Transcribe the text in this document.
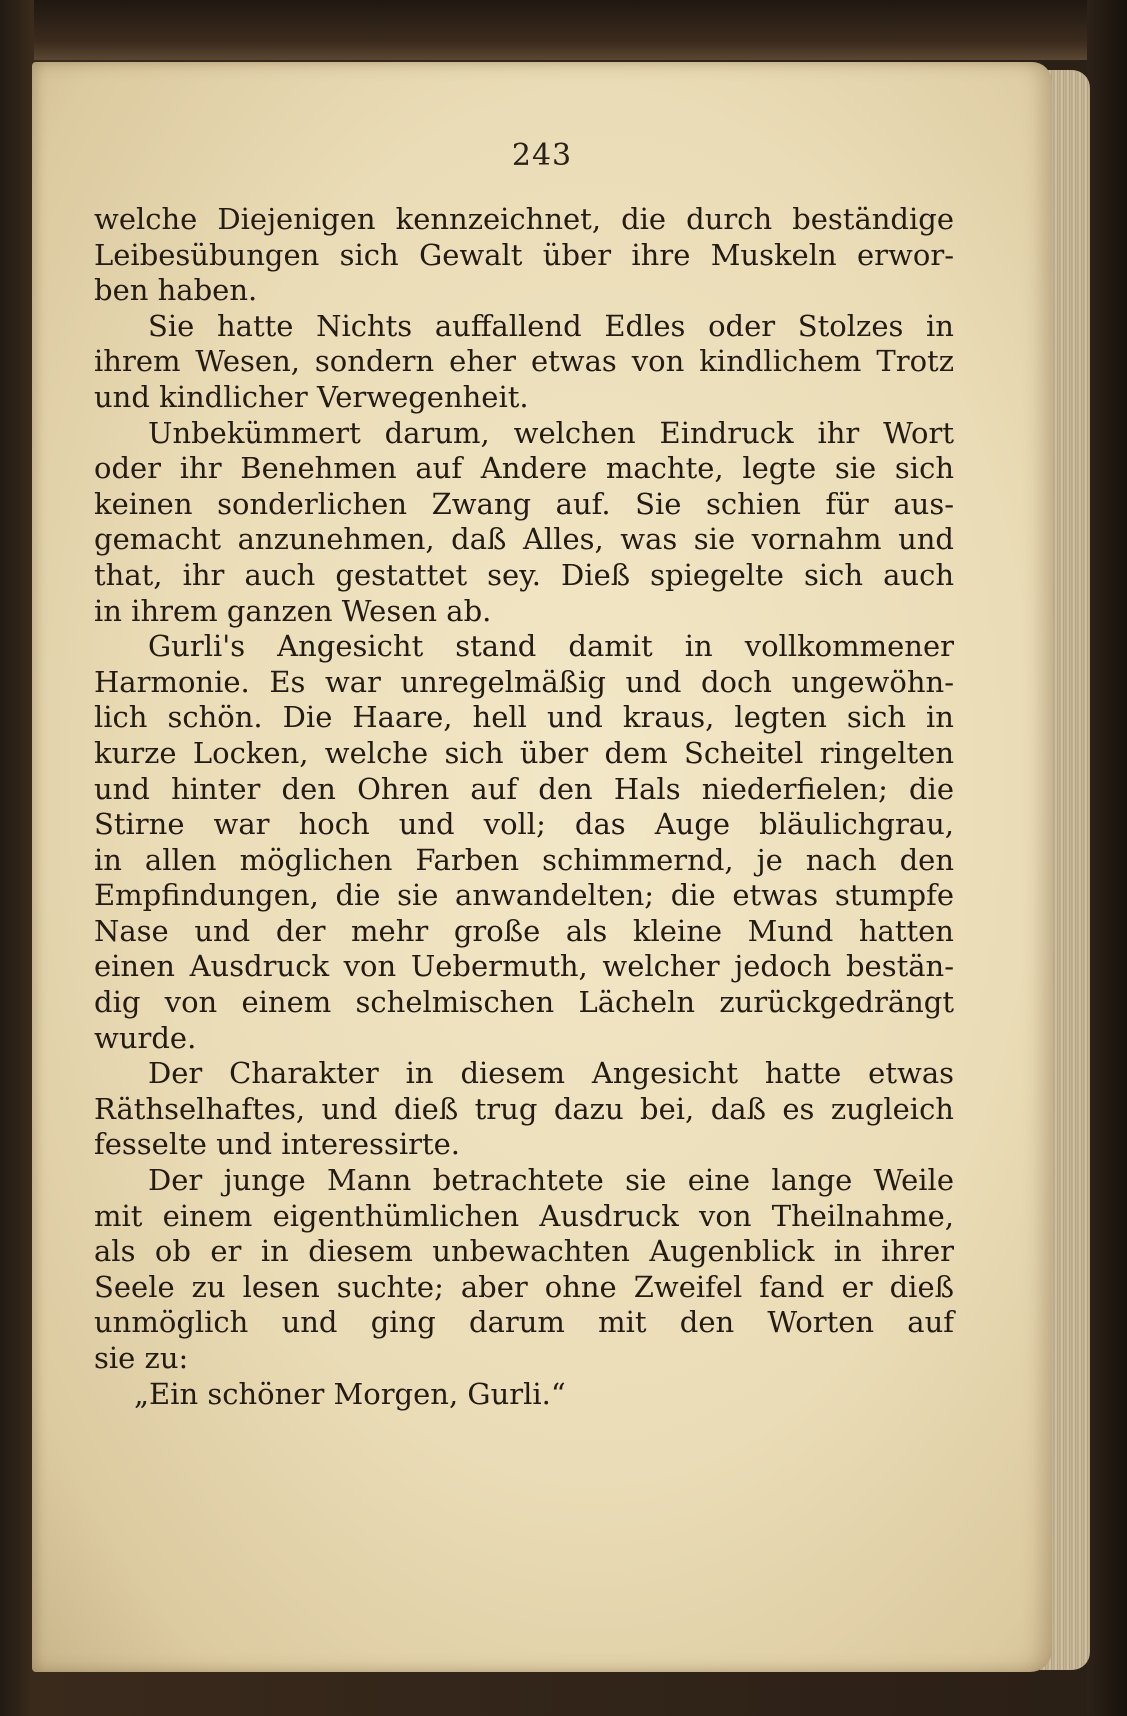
243
welche Diejenigen kennzeichnet, die durch beständige
Leibesübungen sich Gewalt über ihre Muskeln erwor-
ben haben.
Sie hatte Nichts auffallend Edles oder Stolzes in
ihrem Wesen, sondern eher etwas von kindlichem Trotz
und kindlicher Verwegenheit.
Unbekümmert darum, welchen Eindruck ihr Wort
oder ihr Benehmen auf Andere machte, legte sie sich
keinen sonderlichen Zwang auf. Sie schien für aus-
gemacht anzunehmen, daß Alles, was sie vornahm und
that, ihr auch gestattet sey. Dieß spiegelte sich auch
in ihrem ganzen Wesen ab.
Gurli's Angesicht stand damit in vollkommener
Harmonie. Es war unregelmäßig und doch ungewöhn-
lich schön. Die Haare, hell und kraus, legten sich in
kurze Locken, welche sich über dem Scheitel ringelten
und hinter den Ohren auf den Hals niederfielen; die
Stirne war hoch und voll; das Auge bläulichgrau,
in allen möglichen Farben schimmernd, je nach den
Empfindungen, die sie anwandelten; die etwas stumpfe
Nase und der mehr große als kleine Mund hatten
einen Ausdruck von Uebermuth, welcher jedoch bestän-
dig von einem schelmischen Lächeln zurückgedrängt
wurde.
Der Charakter in diesem Angesicht hatte etwas
Räthselhaftes, und dieß trug dazu bei, daß es zugleich
fesselte und interessirte.
Der junge Mann betrachtete sie eine lange Weile
mit einem eigenthümlichen Ausdruck von Theilnahme,
als ob er in diesem unbewachten Augenblick in ihrer
Seele zu lesen suchte; aber ohne Zweifel fand er dieß
unmöglich und ging darum mit den Worten auf
sie zu:
„Ein schöner Morgen, Gurli.“
